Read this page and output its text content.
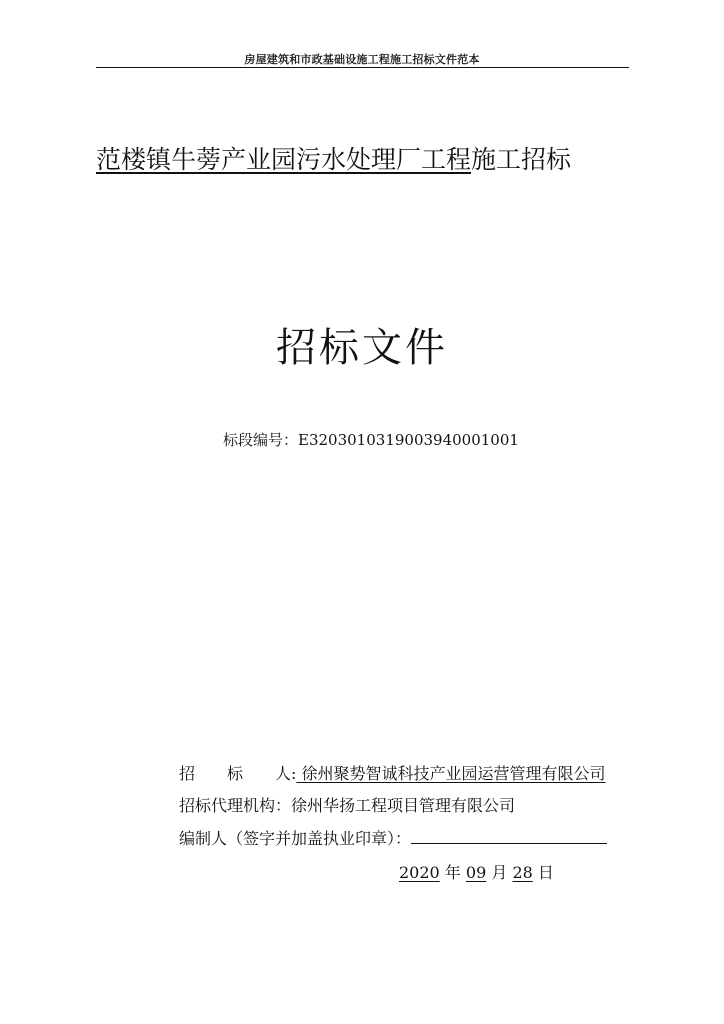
房屋建筑和市政基础设施工程施工招标文件范本
范楼镇牛蒡产业园污水处理厂工程施工招标
招标文件
标段编号：E3203010319003940001001
招　　标　　人: 徐州聚势智诚科技产业园运营管理有限公司
招标代理机构：徐州华扬工程项目管理有限公司
编制人（签字并加盖执业印章）：
2020 年 09 月 28 日
